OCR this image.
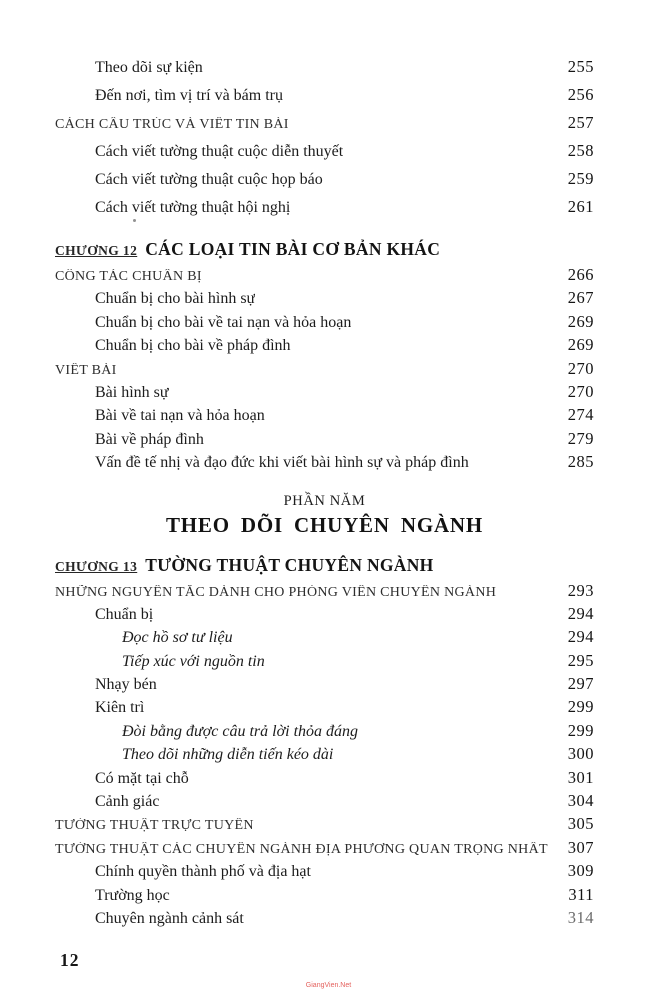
Theo dõi sự kiện	255
Đến nơi, tìm vị trí và bám trụ	256
CÁCH CẤU TRÚC VÀ VIẾT TIN BÀI	257
Cách viết tường thuật cuộc diễn thuyết	258
Cách viết tường thuật cuộc họp báo	259
Cách viết tường thuật hội nghị	261
CHƯƠNG 12 CÁC LOẠI TIN BÀI CƠ BẢN KHÁC
CÔNG TÁC CHUẨN BỊ	266
Chuẩn bị cho bài hình sự	267
Chuẩn bị cho bài về tai nạn và hỏa hoạn	269
Chuẩn bị cho bài về pháp đình	269
VIẾT BÀI	270
Bài hình sự	270
Bài về tai nạn và hỏa hoạn	274
Bài về pháp đình	279
Vấn đề tế nhị và đạo đức khi viết bài hình sự và pháp đình	285
PHẦN NĂM
THEO DÕI CHUYÊN NGÀNH
CHƯƠNG 13 TƯỜNG THUẬT CHUYÊN NGÀNH
NHỮNG NGUYÊN TẮC DÀNH CHO PHÓNG VIÊN CHUYÊN NGÀNH	293
Chuẩn bị	294
Đọc hồ sơ tư liệu	294
Tiếp xúc với nguồn tin	295
Nhạy bén	297
Kiên trì	299
Đòi bằng được câu trả lời thỏa đáng	299
Theo dõi những diễn tiến kéo dài	300
Có mặt tại chỗ	301
Cảnh giác	304
TƯỜNG THUẬT TRỰC TUYẾN	305
TƯỜNG THUẬT CÁC CHUYÊN NGÀNH ĐỊA PHƯƠNG QUAN TRỌNG NHẤT 307
Chính quyền thành phố và địa hạt	309
Trường học	311
Chuyên ngành cảnh sát	314
12
GiangVien.Net
